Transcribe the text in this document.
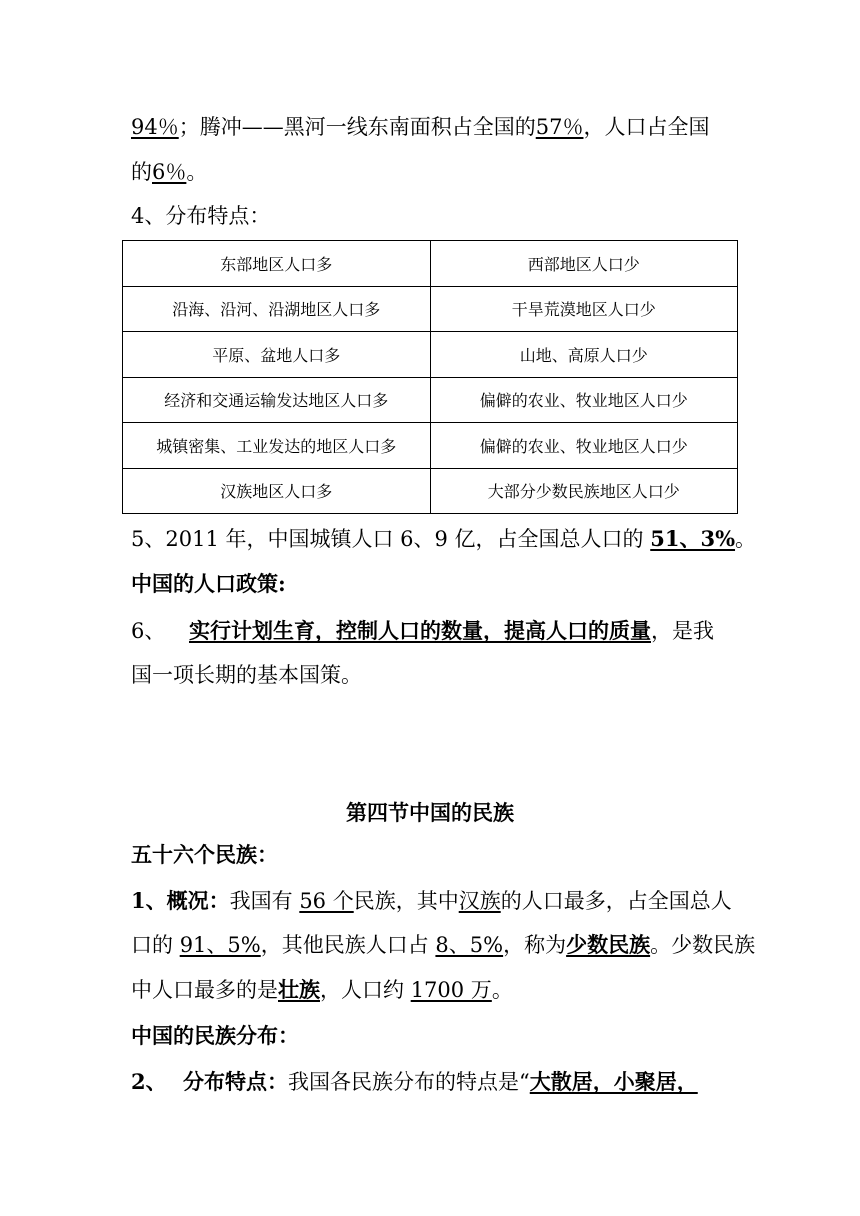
94％；腾冲——黑河一线东南面积占全国的57％，人口占全国
的6％。
4、分布特点：
东部地区人口多	西部地区人口少
沿海、沿河、沿湖地区人口多	干旱荒漠地区人口少
平原、盆地人口多	山地、高原人口少
经济和交通运输发达地区人口多	偏僻的农业、牧业地区人口少
城镇密集、工业发达的地区人口多	偏僻的农业、牧业地区人口少
汉族地区人口多	大部分少数民族地区人口少
5、2011 年，中国城镇人口 6、9 亿，占全国总人口的 51、3%。
中国的人口政策:
6、 实行计划生育，控制人口的数量，提高人口的质量，是我
国一项长期的基本国策。
第四节中国的民族
五十六个民族：
1、概况：我国有 56 个民族，其中汉族的人口最多，占全国总人
口的 91、5%，其他民族人口占 8、5%，称为少数民族。少数民族
中人口最多的是壮族，人口约 1700 万。
中国的民族分布：
2、 分布特点：我国各民族分布的特点是“大散居，小聚居，
